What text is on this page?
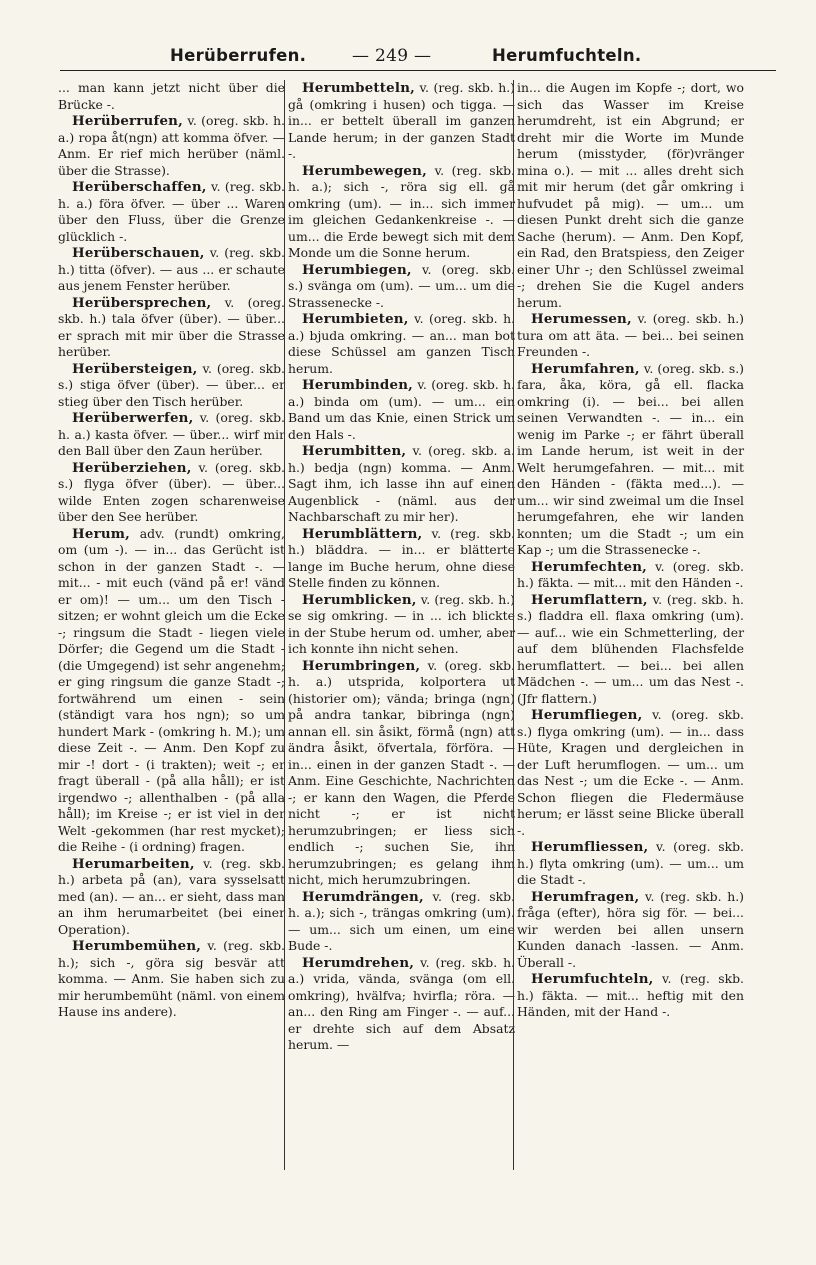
Herüberrufen.	— 249 —	Herumfuchteln.

... man kann jetzt nicht über die Brücke -.

Herüberrufen, v. (oreg. skb. h. a.) ropa åt(ngn) att komma öfver. — Anm. Er rief mich herüber (näml. über die Strasse).

Herüberschaffen, v. (reg. skb. h. a.) föra öfver. — über ... Waren über den Fluss, über die Grenze glücklich -.

Herüberschauen, v. (reg. skb. h.) titta (öfver). — aus ... er schaute aus jenem Fenster herüber.

Herübersprechen, v. (oreg. skb. h.) tala öfver (über). — über... er sprach mit mir über die Strasse herüber.

Herübersteigen, v. (oreg. skb. s.) stiga öfver (über). — über... er stieg über den Tisch herüber.

Herüberwerfen, v. (oreg. skb. h. a.) kasta öfver. — über... wirf mir den Ball über den Zaun herüber.

Herüberziehen, v. (oreg. skb. s.) flyga öfver (über). — über... wilde Enten zogen scharenweise über den See herüber.

Herum, adv. (rundt) omkring, om (um -). — in... das Gerücht ist schon in der ganzen Stadt -. — mit... - mit euch (vänd på er! vänd er om)! — um... um den Tisch - sitzen; er wohnt gleich um die Ecke -; ringsum die Stadt - liegen viele Dörfer; die Gegend um die Stadt - (die Umgegend) ist sehr angenehm; er ging ringsum die ganze Stadt -; fortwährend um einen - sein (ständigt vara hos ngn); so um hundert Mark - (omkring h. M.); um diese Zeit -. — Anm. Den Kopf zu mir -! dort - (i trakten); weit -; er fragt überall - (på alla håll); er ist irgendwo -; allenthalben - (på alla håll); im Kreise -; er ist viel in der Welt -gekommen (har rest mycket); die Reihe - (i ordning) fragen.

Herumarbeiten, v. (reg. skb. h.) arbeta på (an), vara sysselsatt med (an). — an... er sieht, dass man an ihm herumarbeitet (bei einer Operation).

Herumbemühen, v. (reg. skb. h.); sich -, göra sig besvär att komma. — Anm. Sie haben sich zu mir herumbemüht (näml. von einem Hause ins andere).

Herumbetteln, v. (reg. skb. h.) gå (omkring i husen) och tigga. — in... er bettelt überall im ganzen Lande herum; in der ganzen Stadt -.

Herumbewegen, v. (reg. skb. h. a.); sich -, röra sig ell. gå omkring (um). — in... sich immer im gleichen Gedankenkreise -. — um... die Erde bewegt sich mit dem Monde um die Sonne herum.

Herumbiegen, v. (oreg. skb. s.) svänga om (um). — um... um die Strassenecke -.

Herumbieten, v. (oreg. skb. h. a.) bjuda omkring. — an... man bot diese Schüssel am ganzen Tisch herum.

Herumbinden, v. (oreg. skb. h. a.) binda om (um). — um... ein Band um das Knie, einen Strick um den Hals -.

Herumbitten, v. (oreg. skb. a. h.) bedja (ngn) komma. — Anm. Sagt ihm, ich lasse ihn auf einen Augenblick - (näml. aus der Nachbarschaft zu mir her).

Herumblättern, v. (reg. skb. h.) bläddra. — in... er blätterte lange im Buche herum, ohne diese Stelle finden zu können.

Herumblicken, v. (reg. skb. h.) se sig omkring. — in ... ich blickte in der Stube herum od. umher, aber ich konnte ihn nicht sehen.

Herumbringen, v. (oreg. skb. h. a.) utsprida, kolportera ut (historier om); vända; bringa (ngn) på andra tankar, bibringa (ngn) annan ell. sin åsikt, förmå (ngn) att ändra åsikt, öfvertala, förföra. — in... einen in der ganzen Stadt -. — Anm. Eine Geschichte, Nachrichten -; er kann den Wagen, die Pferde nicht -; er ist nicht herumzubringen; er liess sich endlich -; suchen Sie, ihn herumzubringen; es gelang ihm nicht, mich herumzubringen.

Herumdrängen, v. (reg. skb. h. a.); sich -, trängas omkring (um). — um... sich um einen, um eine Bude -.

Herumdrehen, v. (reg. skb. h. a.) vrida, vända, svänga (om ell. omkring), hvälfva; hvirfla; röra. — an... den Ring am Finger -. — auf... er drehte sich auf dem Absatz herum. —

in... die Augen im Kopfe -; dort, wo sich das Wasser im Kreise herumdreht, ist ein Abgrund; er dreht mir die Worte im Munde herum (misstyder, (för)vränger mina o.). — mit ... alles dreht sich mit mir herum (det går omkring i hufvudet på mig). — um... um diesen Punkt dreht sich die ganze Sache (herum). — Anm. Den Kopf, ein Rad, den Bratspiess, den Zeiger einer Uhr -; den Schlüssel zweimal -; drehen Sie die Kugel anders herum.

Herumessen, v. (oreg. skb. h.) tura om att äta. — bei... bei seinen Freunden -.

Herumfahren, v. (oreg. skb. s.) fara, åka, köra, gå ell. flacka omkring (i). — bei... bei allen seinen Verwandten -. — in... ein wenig im Parke -; er fährt überall im Lande herum, ist weit in der Welt herumgefahren. — mit... mit den Händen - (fäkta med...). — um... wir sind zweimal um die Insel herumgefahren, ehe wir landen konnten; um die Stadt -; um ein Kap -; um die Strassenecke -.

Herumfechten, v. (oreg. skb. h.) fäkta. — mit... mit den Händen -.

Herumflattern, v. (reg. skb. h. s.) fladdra ell. flaxa omkring (um). — auf... wie ein Schmetterling, der auf dem blühenden Flachsfelde herumflattert. — bei... bei allen Mädchen -. — um... um das Nest -. (Jfr flattern.)

Herumfliegen, v. (oreg. skb. s.) flyga omkring (um). — in... dass Hüte, Kragen und dergleichen in der Luft herumflogen. — um... um das Nest -; um die Ecke -. — Anm. Schon fliegen die Fledermäuse herum; er lässt seine Blicke überall -.

Herumfliessen, v. (oreg. skb. h.) flyta omkring (um). — um... um die Stadt -.

Herumfragen, v. (reg. skb. h.) fråga (efter), höra sig för. — bei... wir werden bei allen unsern Kunden danach -lassen. — Anm. Überall -.

Herumfuchteln, v. (reg. skb. h.) fäkta. — mit... heftig mit den Händen, mit der Hand -.
